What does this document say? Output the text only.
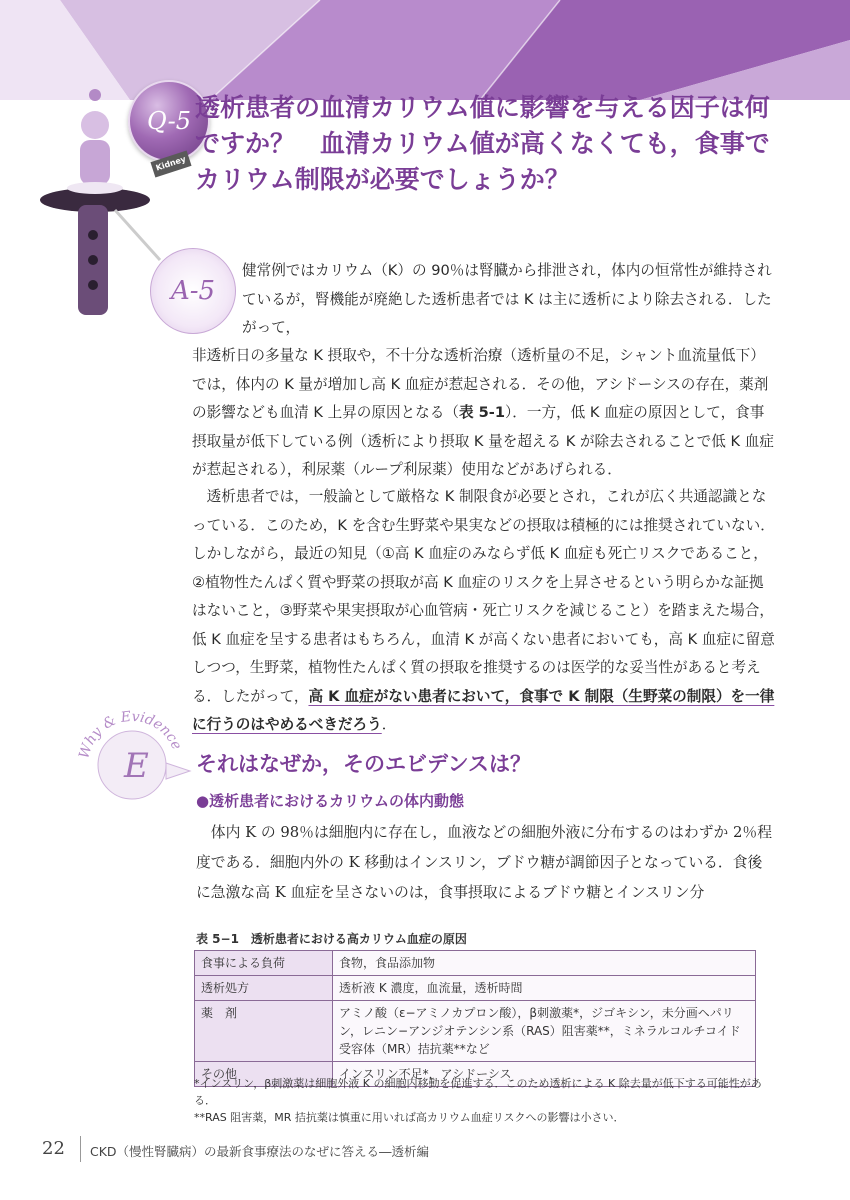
Q-5
Kidney
透析患者の血清カリウム値に影響を与える因子は何ですか？　血清カリウム値が高くなくても，食事でカリウム制限が必要でしょうか？
A-5

健常例ではカリウム（K）の 90％は腎臓から排泄され，体内の恒常性が維持されているが，腎機能が廃絶した透析患者では K は主に透析により除去される．したがって，

非透析日の多量な K 摂取や，不十分な透析治療（透析量の不足，シャント血流量低下）では，体内の K 量が増加し高 K 血症が惹起される．その他，アシドーシスの存在，薬剤の影響なども血清 K 上昇の原因となる（表 5-1）．一方，低 K 血症の原因として，食事摂取量が低下している例（透析により摂取 K 量を超える K が除去されることで低 K 血症が惹起される），利尿薬（ループ利尿薬）使用などがあげられる．

透析患者では，一般論として厳格な K 制限食が必要とされ，これが広く共通認識となっている．このため，K を含む生野菜や果実などの摂取は積極的には推奨されていない．しかしながら，最近の知見（①高 K 血症のみならず低 K 血症も死亡リスクであること，②植物性たんぱく質や野菜の摂取が高 K 血症のリスクを上昇させるという明らかな証拠はないこと，③野菜や果実摂取が心血管病・死亡リスクを減じること）を踏まえた場合，低 K 血症を呈する患者はもちろん，血清 K が高くない患者においても，高 K 血症に留意しつつ，生野菜，植物性たんぱく質の摂取を推奨するのは医学的な妥当性があると考える．したがって，高 K 血症がない患者において，食事で K 制限（生野菜の制限）を一律に行うのはやめるべきだろう．

Why & Evidence
E それはなぜか，そのエビデンスは？
●透析患者におけるカリウムの体内動態

体内 K の 98％は細胞内に存在し，血液などの細胞外液に分布するのはわずか 2％程度である．細胞内外の K 移動はインスリン，ブドウ糖が調節因子となっている．食後に急激な高 K 血症を呈さないのは，食事摂取によるブドウ糖とインスリン分

表 5−1　透析患者における高カリウム血症の原因
食事による負荷	食物，食品添加物
透析処方	透析液 K 濃度，血流量，透析時間
薬　剤	アミノ酸（ε−アミノカプロン酸），β刺激薬*，ジゴキシン，未分画ヘパリン，レニン−アンジオテンシン系（RAS）阻害薬**，ミネラルコルチコイド受容体（MR）拮抗薬**など
その他	インスリン不足*，アシドーシス

*インスリン，β刺激薬は細胞外液 K の細胞内移動を促進する．このため透析による K 除去量が低下する可能性がある．

**RAS 阻害薬，MR 拮抗薬は慎重に用いれば高カリウム血症リスクへの影響は小さい．

22 CKD（慢性腎臓病）の最新食事療法のなぜに答える―透析編
